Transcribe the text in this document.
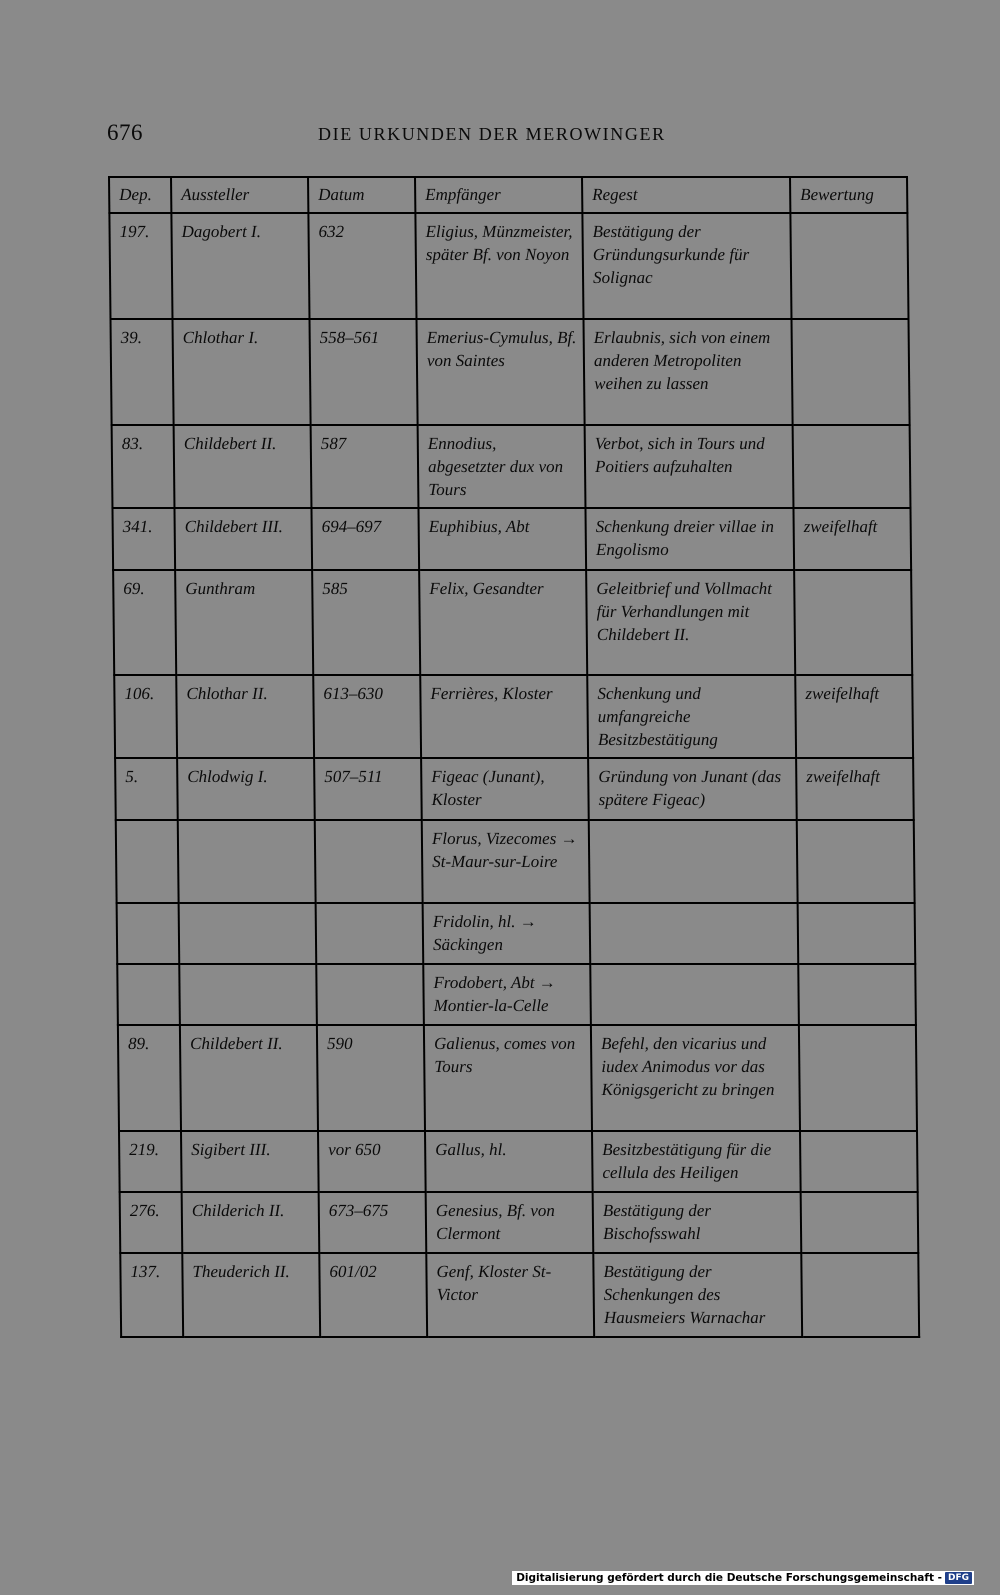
676	DIE URKUNDEN DER MEROWINGER
Dep.	Aussteller	Datum	Empfänger	Regest	Bewertung
197.	Dagobert I.	632	Eligius, Münzmeister, später Bf. von Noyon	Bestätigung der Gründungsurkunde für Solignac	
39.	Chlothar I.	558–561	Emerius-Cymulus, Bf. von Saintes	Erlaubnis, sich von einem anderen Metropoliten weihen zu lassen	
83.	Childebert II.	587	Ennodius, abgesetzter dux von Tours	Verbot, sich in Tours und Poitiers aufzuhalten	
341.	Childebert III.	694–697	Euphibius, Abt	Schenkung dreier villae in Engolismo	zweifelhaft
69.	Gunthram	585	Felix, Gesandter	Geleitbrief und Vollmacht für Verhandlungen mit Childebert II.	
106.	Chlothar II.	613–630	Ferrières, Kloster	Schenkung und umfangreiche Besitzbestätigung	zweifelhaft
5.	Chlodwig I.	507–511	Figeac (Junant), Kloster	Gründung von Junant (das spätere Figeac)	zweifelhaft
			Florus, Vizecomes → St-Maur-sur-Loire		
			Fridolin, hl. → Säckingen		
			Frodobert, Abt → Montier-la-Celle		
89.	Childebert II.	590	Galienus, comes von Tours	Befehl, den vicarius und iudex Animodus vor das Königsgericht zu bringen	
219.	Sigibert III.	vor 650	Gallus, hl.	Besitzbestätigung für die cellula des Heiligen	
276.	Childerich II.	673–675	Genesius, Bf. von Clermont	Bestätigung der Bischofsswahl	
137.	Theuderich II.	601/02	Genf, Kloster St-Victor	Bestätigung der Schenkungen des Hausmeiers Warnachar	
Digitalisierung gefördert durch die Deutsche Forschungsgemeinschaft - DFG
